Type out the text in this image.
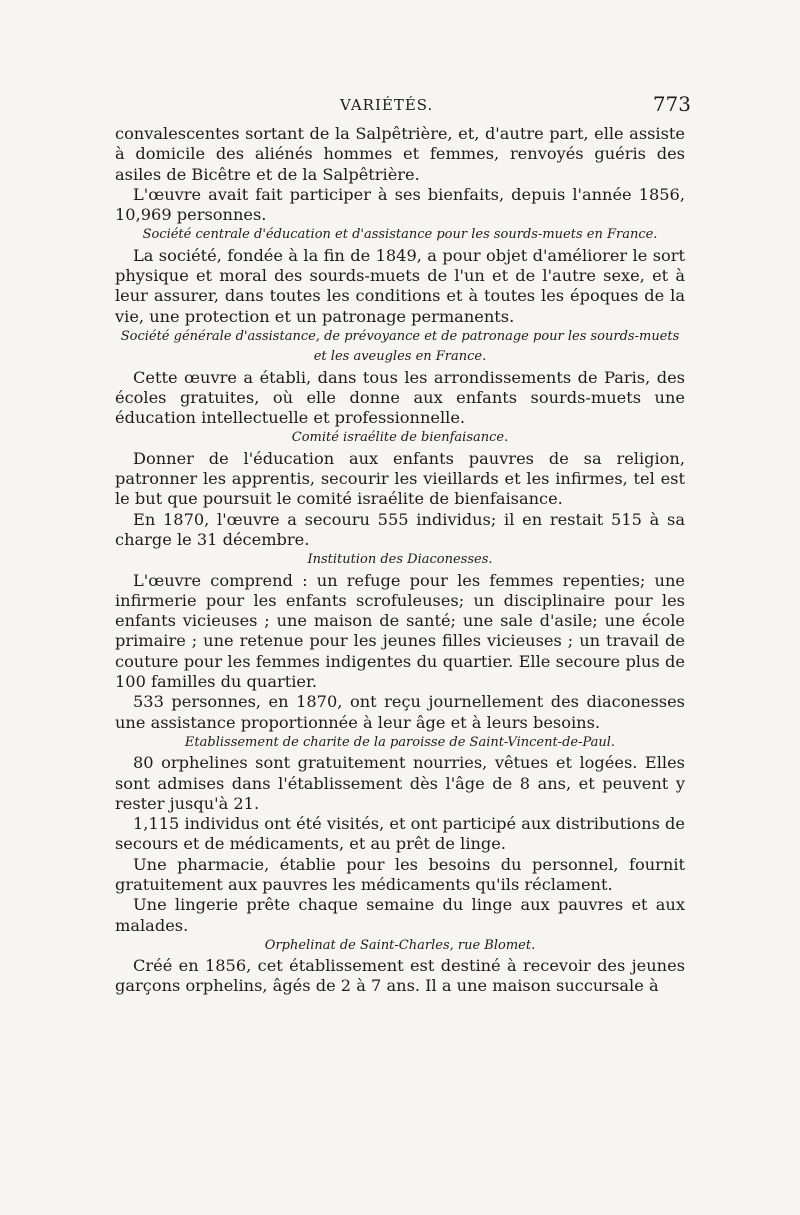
VARIÉTÉS.	773

convalescentes sortant de la Salpêtrière, et, d'autre part, elle assiste à domicile des aliénés hommes et femmes, renvoyés guéris des asiles de Bicêtre et de la Salpêtrière.

L'œuvre avait fait participer à ses bienfaits, depuis l'année 1856, 10,969 personnes.

Société centrale d'éducation et d'assistance pour les sourds-muets en France.

La société, fondée à la fin de 1849, a pour objet d'améliorer le sort physique et moral des sourds-muets de l'un et de l'autre sexe, et à leur assurer, dans toutes les conditions et à toutes les époques de la vie, une protection et un patronage permanents.

Société générale d'assistance, de prévoyance et de patronage pour les sourds-muets et les aveugles en France.

Cette œuvre a établi, dans tous les arrondissements de Paris, des écoles gratuites, où elle donne aux enfants sourds-muets une éducation intellectuelle et professionnelle.

Comité israélite de bienfaisance.

Donner de l'éducation aux enfants pauvres de sa religion, patronner les apprentis, secourir les vieillards et les infirmes, tel est le but que poursuit le comité israélite de bienfaisance.

En 1870, l'œuvre a secouru 555 individus; il en restait 515 à sa charge le 31 décembre.

Institution des Diaconesses.

L'œuvre comprend : un refuge pour les femmes repenties; une infirmerie pour les enfants scrofuleuses; un disciplinaire pour les enfants vicieuses ; une maison de santé; une sale d'asile; une école primaire ; une retenue pour les jeunes filles vicieuses ; un travail de couture pour les femmes indigentes du quartier. Elle secoure plus de 100 familles du quartier.

533 personnes, en 1870, ont reçu journellement des diaconesses une assistance proportionnée à leur âge et à leurs besoins.

Etablissement de charite de la paroisse de Saint-Vincent-de-Paul.

80 orphelines sont gratuitement nourries, vêtues et logées. Elles sont admises dans l'établissement dès l'âge de 8 ans, et peuvent y rester jusqu'à 21.

1,115 individus ont été visités, et ont participé aux distributions de secours et de médicaments, et au prêt de linge.

Une pharmacie, établie pour les besoins du personnel, fournit gratuitement aux pauvres les médicaments qu'ils réclament.

Une lingerie prête chaque semaine du linge aux pauvres et aux malades.

Orphelinat de Saint-Charles, rue Blomet.

Créé en 1856, cet établissement est destiné à recevoir des jeunes garçons orphelins, âgés de 2 à 7 ans. Il a une maison succursale à
